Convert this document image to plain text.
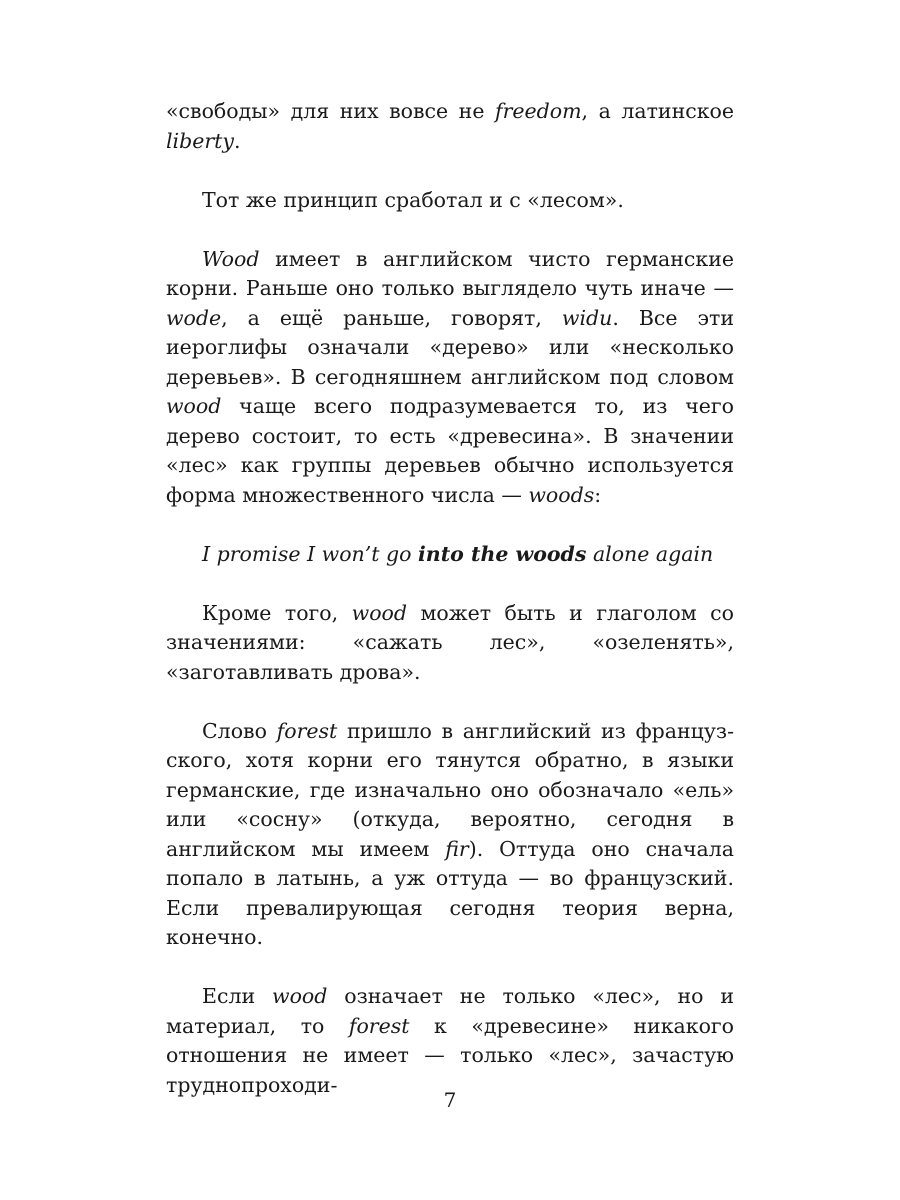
«свободы» для них вовсе не freedom, а латинское liberty.

Тот же принцип сработал и с «лесом».

Wood имеет в английском чисто германские корни. Раньше оно только выглядело чуть иначе — wode, а ещё раньше, говорят, widu. Все эти иероглифы означали «дерево» или «несколько деревьев». В сегодняшнем английском под словом wood чаще всего подразумевается то, из чего дерево состоит, то есть «древесина». В значении «лес» как группы деревьев обычно используется форма множественного числа — woods:

I promise I won’t go into the woods alone again

Кроме того, wood может быть и глаголом со значениями: «сажать лес», «озеленять», «заготавливать дрова».

Слово forest пришло в английский из французского, хотя корни его тянутся обратно, в языки германские, где изначально оно обозначало «ель» или «сосну» (откуда, вероятно, сегодня в английском мы имеем fir). Оттуда оно сначала попало в латынь, а уж оттуда — во французский. Если превалирующая сегодня теория верна, конечно.

Если wood означает не только «лес», но и материал, то forest к «древесине» никакого отношения не имеет — только «лес», зачастую труднопроходи-

7
